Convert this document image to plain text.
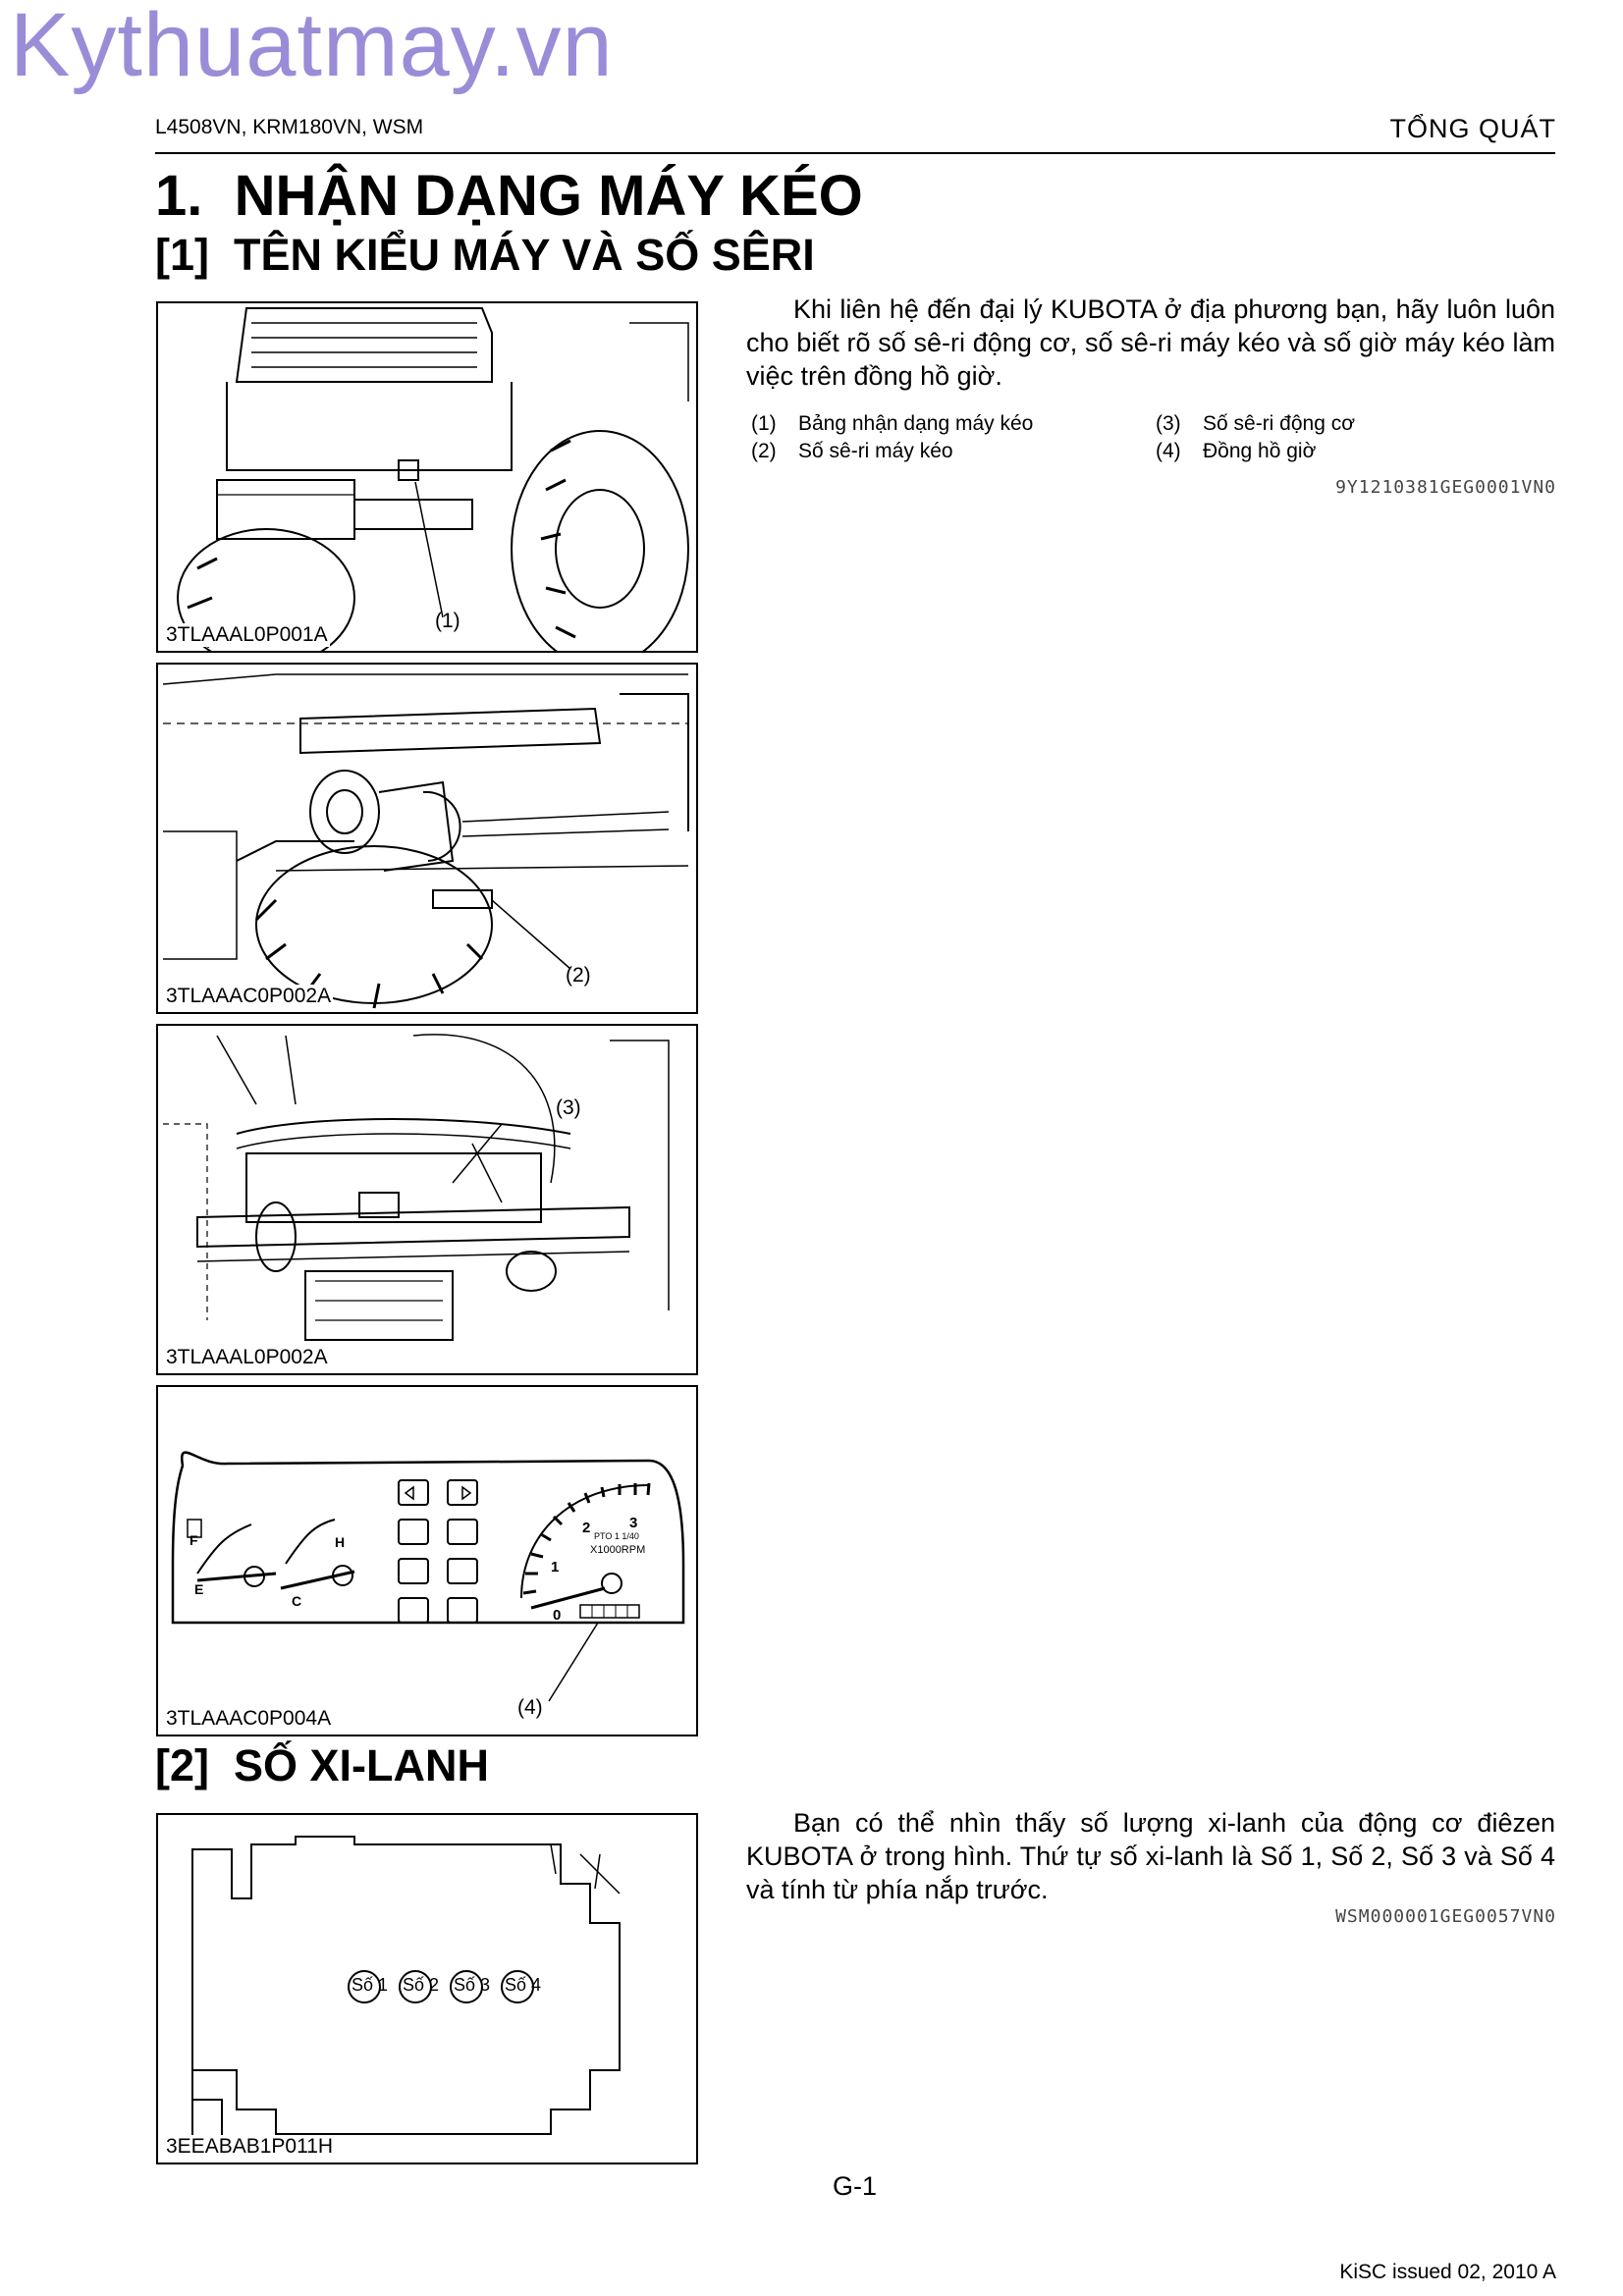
Kythuatmay.vn
L4508VN, KRM180VN, WSM	TỔNG QUÁT
1.  NHẬN DẠNG MÁY KÉO
[1]  TÊN KIỂU MÁY VÀ SỐ SÊRI
Khi liên hệ đến đại lý KUBOTA ở địa phương bạn, hãy luôn luôn cho biết rõ số sê-ri động cơ, số sê-ri máy kéo và số giờ máy kéo làm việc trên đồng hồ giờ.
(1) Bảng nhận dạng máy kéo
(2) Số sê-ri máy kéo
(3) Số sê-ri động cơ
(4) Đồng hồ giờ
9Y1210381GEG0001VN0
(1)
3TLAAAL0P001A
(2)
3TLAAAC0P002A
(3)
3TLAAAL0P002A
F
E
H
C
0
1
2	3
PTO 1 1/40
X1000RPM
(4)
3TLAAAC0P004A
[2]  SỐ XI-LANH
Bạn có thể nhìn thấy số lượng xi-lanh của động cơ điêzen KUBOTA ở trong hình. Thứ tự số xi-lanh là Số 1, Số 2, Số 3 và Số 4 và tính từ phía nắp trước.
WSM000001GEG0057VN0
Số 1 Số 2 Số 3 Số 4
3EEABAB1P011H
G-1
KiSC issued 02, 2010 A
